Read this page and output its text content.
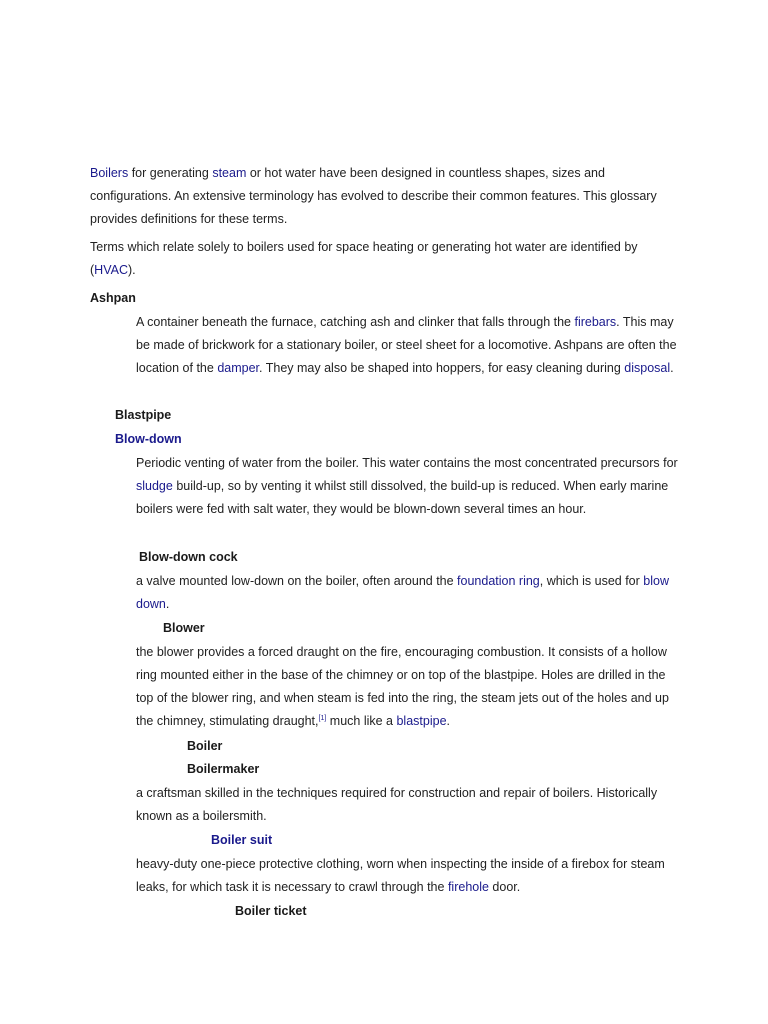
Boilers for generating steam or hot water have been designed in countless shapes, sizes and configurations. An extensive terminology has evolved to describe their common features. This glossary provides definitions for these terms.

Terms which relate solely to boilers used for space heating or generating hot water are identified by (HVAC).

Ashpan

A container beneath the furnace, catching ash and clinker that falls through the firebars. This may be made of brickwork for a stationary boiler, or steel sheet for a locomotive. Ashpans are often the location of the damper. They may also be shaped into hoppers, for easy cleaning during disposal.

Blastpipe
Blow-down

Periodic venting of water from the boiler. This water contains the most concentrated precursors for sludge build-up, so by venting it whilst still dissolved, the build-up is reduced. When early marine boilers were fed with salt water, they would be blown-down several times an hour.

Blow-down cock

a valve mounted low-down on the boiler, often around the foundation ring, which is used for blow down.

Blower

the blower provides a forced draught on the fire, encouraging combustion. It consists of a hollow ring mounted either in the base of the chimney or on top of the blastpipe. Holes are drilled in the top of the blower ring, and when steam is fed into the ring, the steam jets out of the holes and up the chimney, stimulating draught,[1] much like a blastpipe.

Boiler
Boilermaker

a craftsman skilled in the techniques required for construction and repair of boilers. Historically known as a boilersmith.

Boiler suit

heavy-duty one-piece protective clothing, worn when inspecting the inside of a firebox for steam leaks, for which task it is necessary to crawl through the firehole door.

Boiler ticket
